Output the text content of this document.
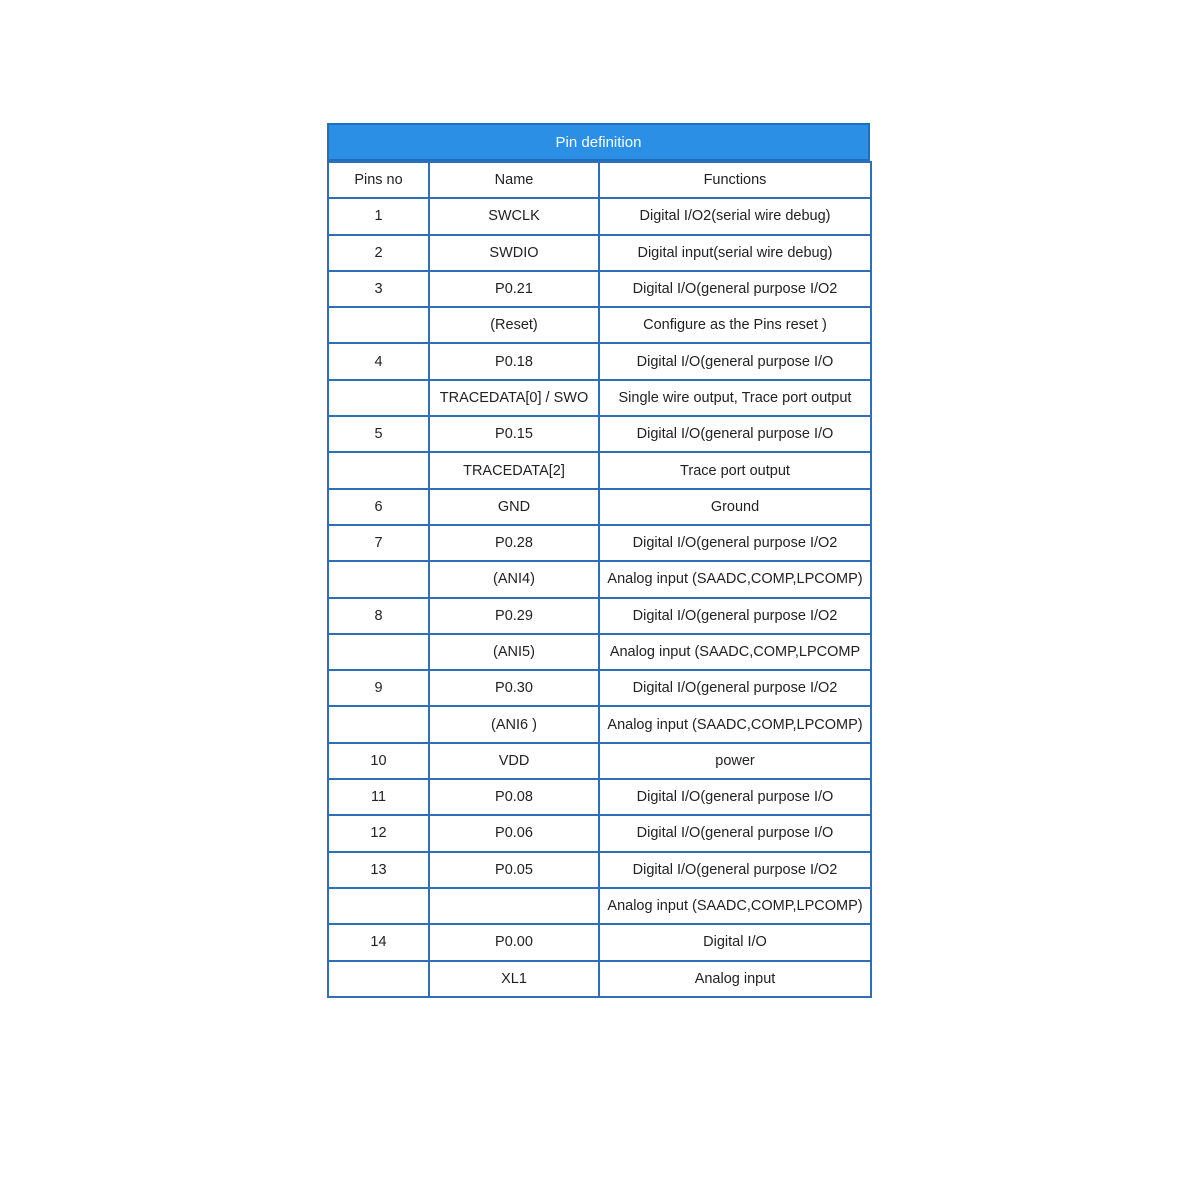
Pin definition
Pins no	Name	Functions
1	SWCLK	Digital I/O2(serial wire debug)
2	SWDIO	Digital input(serial wire debug)
3	P0.21	Digital I/O(general purpose I/O2
	(Reset)	Configure as the Pins reset )
4	P0.18	Digital I/O(general purpose I/O
	TRACEDATA[0] / SWO	Single wire output, Trace port output
5	P0.15	Digital I/O(general purpose I/O
	TRACEDATA[2]	Trace port output
6	GND	Ground
7	P0.28	Digital I/O(general purpose I/O2
	(ANI4)	Analog input (SAADC,COMP,LPCOMP)
8	P0.29	Digital I/O(general purpose I/O2
	(ANI5)	Analog input (SAADC,COMP,LPCOMP
9	P0.30	Digital I/O(general purpose I/O2
	(ANI6 )	Analog input (SAADC,COMP,LPCOMP)
10	VDD	power
11	P0.08	Digital I/O(general purpose I/O
12	P0.06	Digital I/O(general purpose I/O
13	P0.05	Digital I/O(general purpose I/O2
		Analog input (SAADC,COMP,LPCOMP)
14	P0.00	Digital I/O
	XL1	Analog input
